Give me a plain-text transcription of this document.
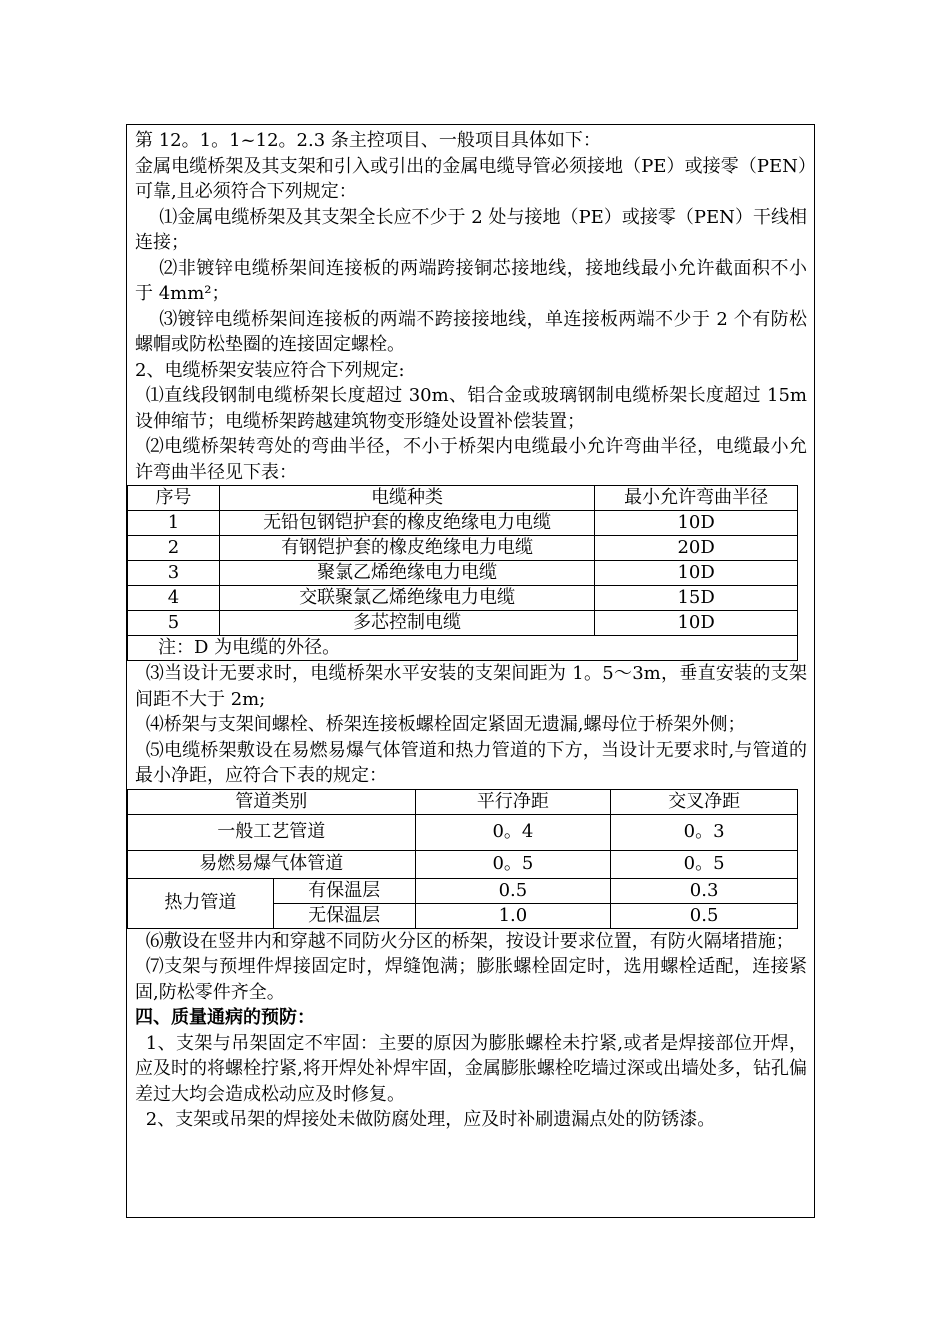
第 12。1。1~12。2.3 条主控项目、一般项目具体如下：

金属电缆桥架及其支架和引入或引出的金属电缆导管必须接地（PE）或接零（PEN）可靠,且必须符合下列规定：

⑴金属电缆桥架及其支架全长应不少于 2 处与接地（PE）或接零（PEN）干线相连接；

⑵非镀锌电缆桥架间连接板的两端跨接铜芯接地线，接地线最小允许截面积不小于 4mm²；

⑶镀锌电缆桥架间连接板的两端不跨接接地线，单连接板两端不少于 2 个有防松螺帽或防松垫圈的连接固定螺栓。

2、电缆桥架安装应符合下列规定:

⑴直线段钢制电缆桥架长度超过 30m、铝合金或玻璃钢制电缆桥架长度超过 15m 设伸缩节；电缆桥架跨越建筑物变形缝处设置补偿装置；

⑵电缆桥架转弯处的弯曲半径，不小于桥架内电缆最小允许弯曲半径，电缆最小允许弯曲半径见下表：

序号	电缆种类	最小允许弯曲半径
1	无铅包钢铠护套的橡皮绝缘电力电缆	10D
2	有钢铠护套的橡皮绝缘电力电缆	20D
3	聚氯乙烯绝缘电力电缆	10D
4	交联聚氯乙烯绝缘电力电缆	15D
5	多芯控制电缆	10D
注：D 为电缆的外径。		

⑶当设计无要求时，电缆桥架水平安装的支架间距为 1。5～3m，垂直安装的支架间距不大于 2m;

⑷桥架与支架间螺栓、桥架连接板螺栓固定紧固无遗漏,螺母位于桥架外侧；

⑸电缆桥架敷设在易燃易爆气体管道和热力管道的下方，当设计无要求时,与管道的最小净距，应符合下表的规定：

管道类别		平行净距	交叉净距
一般工艺管道		0。4	0。3
易燃易爆气体管道		0。5	0。5
热力管道	有保温层	0.5	0.3
	无保温层	1.0	0.5

⑹敷设在竖井内和穿越不同防火分区的桥架，按设计要求位置，有防火隔堵措施；

⑺支架与预埋件焊接固定时，焊缝饱满；膨胀螺栓固定时，选用螺栓适配，连接紧固,防松零件齐全。

四、质量通病的预防：

1、支架与吊架固定不牢固：主要的原因为膨胀螺栓未拧紧,或者是焊接部位开焊，应及时的将螺栓拧紧,将开焊处补焊牢固，金属膨胀螺栓吃墙过深或出墙处多，钻孔偏差过大均会造成松动应及时修复。

2、支架或吊架的焊接处未做防腐处理，应及时补刷遗漏点处的防锈漆。
